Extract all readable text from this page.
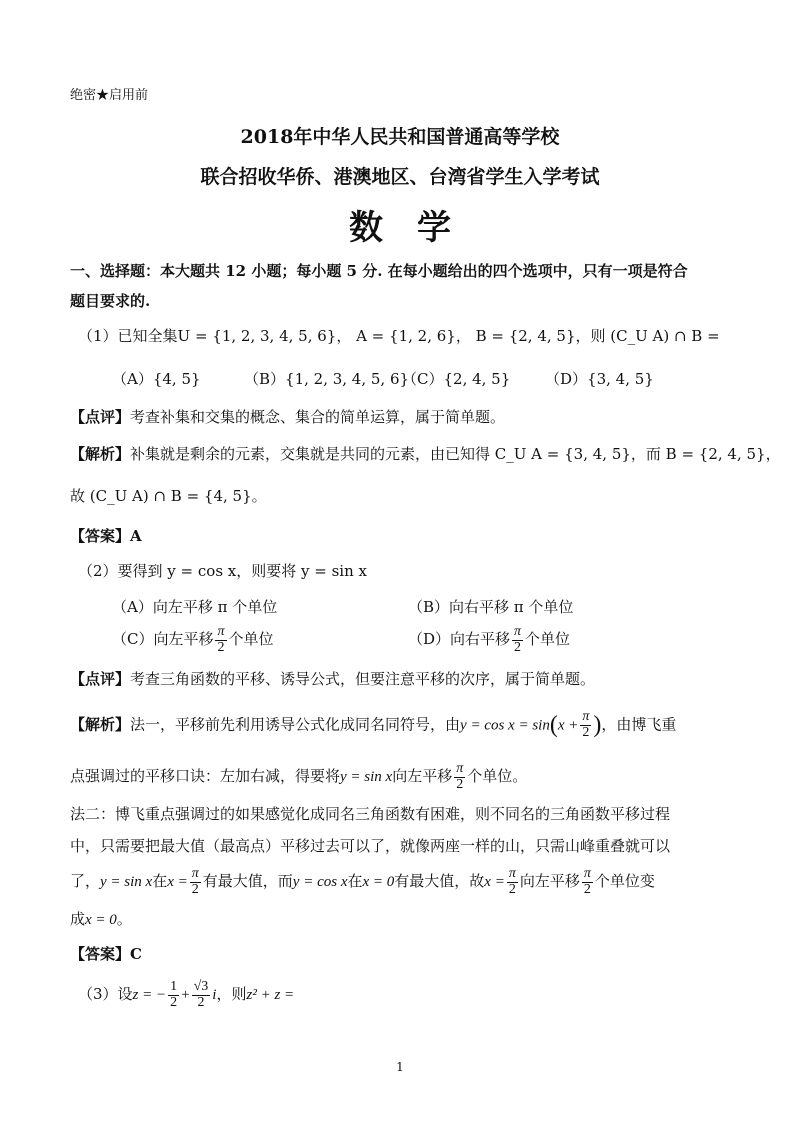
绝密★启用前
2018年中华人民共和国普通高等学校
联合招收华侨、港澳地区、台湾省学生入学考试
数　学
一、选择题：本大题共 12 小题；每小题 5 分. 在每小题给出的四个选项中，只有一项是符合
题目要求的.
（1）已知全集U = {1, 2, 3, 4, 5, 6}， A = {1, 2, 6}， B = {2, 4, 5}，则 (C_U A) ∩ B =
（A）{4, 5}	（B）{1, 2, 3, 4, 5, 6}
（C）{2, 4, 5} （D）{3, 4, 5}
【点评】考查补集和交集的概念、集合的简单运算，属于简单题。
【解析】补集就是剩余的元素，交集就是共同的元素，由已知得 C_U A = {3, 4, 5}，而 B = {2, 4, 5}，
故 (C_U A) ∩ B = {4, 5}。
【答案】A
（2）要得到 y = cos x，则要将 y = sin x
（A）向左平移 π 个单位	（B）向右平移 π 个单位
（C）向左平移 $\frac{\pi}{2}$ 个单位	（D）向右平移 $\frac{\pi}{2}$ 个单位
【点评】考查三角函数的平移、诱导公式，但要注意平移的次序，属于简单题。
【解析】法一，平移前先利用诱导公式化成同名同符号，由$y = \cos x = \sin(x + \frac{\pi}{2}$ )，由博飞重
点强调过的平移口诀：左加右减，得要将y = sin x向左平移 $\frac{\pi}{2}$ 个单位。
法二：博飞重点强调过的如果感觉化成同名三角函数有困难，则不同名的三角函数平移过程
中，只需要把最大值（最高点）平移过去可以了，就像两座一样的山，只需山峰重叠就可以
了，y = sin x在$x = \frac{\pi}{2}$ 有最大值，而y = cos x在x = 0有最大值，故$x = \frac{\pi}{2}$ 向左平移 $\frac{\pi}{2}$ 个单位变
成x = 0。
【答案】C
（3）设z = − $\frac{1}{2} + \frac{√3}{2}$ i，则z² + z =
1
